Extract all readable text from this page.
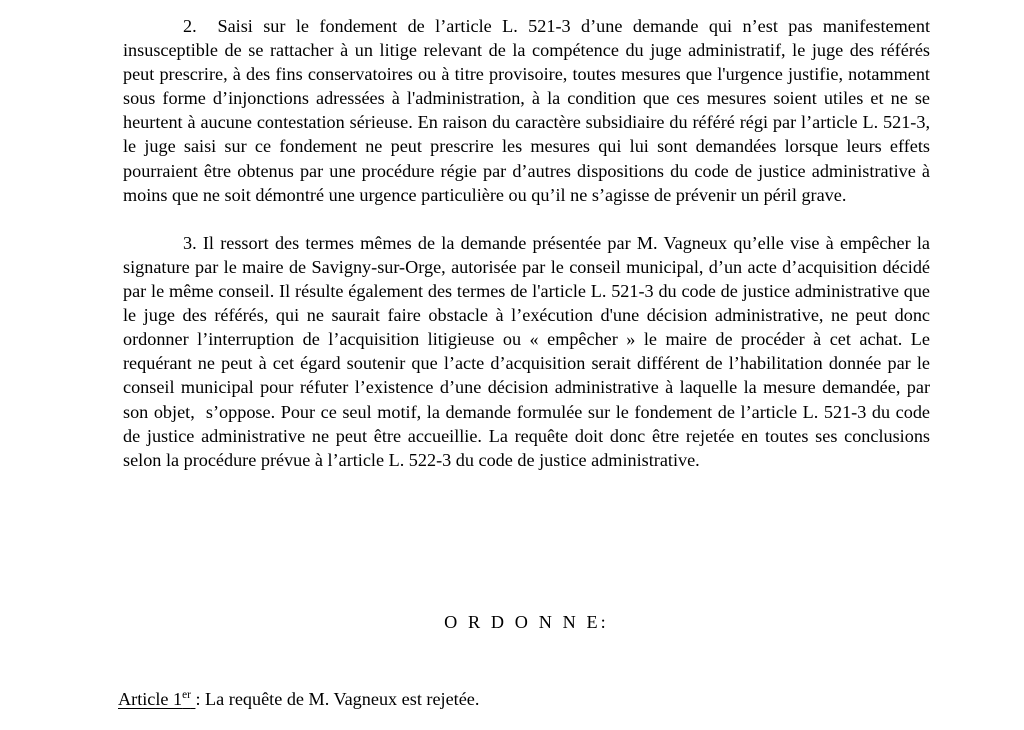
2.  Saisi sur le fondement de l’article L. 521-3 d’une demande qui n’est pas manifestement insusceptible de se rattacher à un litige relevant de la compétence du juge administratif, le juge des référés peut prescrire, à des fins conservatoires ou à titre provisoire, toutes mesures que l'urgence justifie, notamment sous forme d’injonctions adressées à l'administration, à la condition que ces mesures soient utiles et ne se heurtent à aucune contestation sérieuse. En raison du caractère subsidiaire du référé régi par l’article L. 521-3, le juge saisi sur ce fondement ne peut prescrire les mesures qui lui sont demandées lorsque leurs effets pourraient être obtenus par une procédure régie par d’autres dispositions du code de justice administrative à moins que ne soit démontré une urgence particulière ou qu’il ne s’agisse de prévenir un péril grave.

3. Il ressort des termes mêmes de la demande présentée par M. Vagneux qu’elle vise à empêcher la signature par le maire de Savigny-sur-Orge, autorisée par le conseil municipal, d’un acte d’acquisition décidé par le même conseil. Il résulte également des termes de l'article L. 521-3 du code de justice administrative que le juge des référés, qui ne saurait faire obstacle à l’exécution d'une décision administrative, ne peut donc ordonner l’interruption de l’acquisition litigieuse ou « empêcher » le maire de procéder à cet achat. Le requérant ne peut à cet égard soutenir que l’acte d’acquisition serait différent de l’habilitation donnée par le conseil municipal pour réfuter l’existence d’une décision administrative à laquelle la mesure demandée, par son objet,  s’oppose. Pour ce seul motif, la demande formulée sur le fondement de l’article L. 521-3 du code de justice administrative ne peut être accueillie. La requête doit donc être rejetée en toutes ses conclusions selon la procédure prévue à l’article L. 522-3 du code de justice administrative.

O R D O N N E:
Article 1er : La requête de M. Vagneux est rejetée.
